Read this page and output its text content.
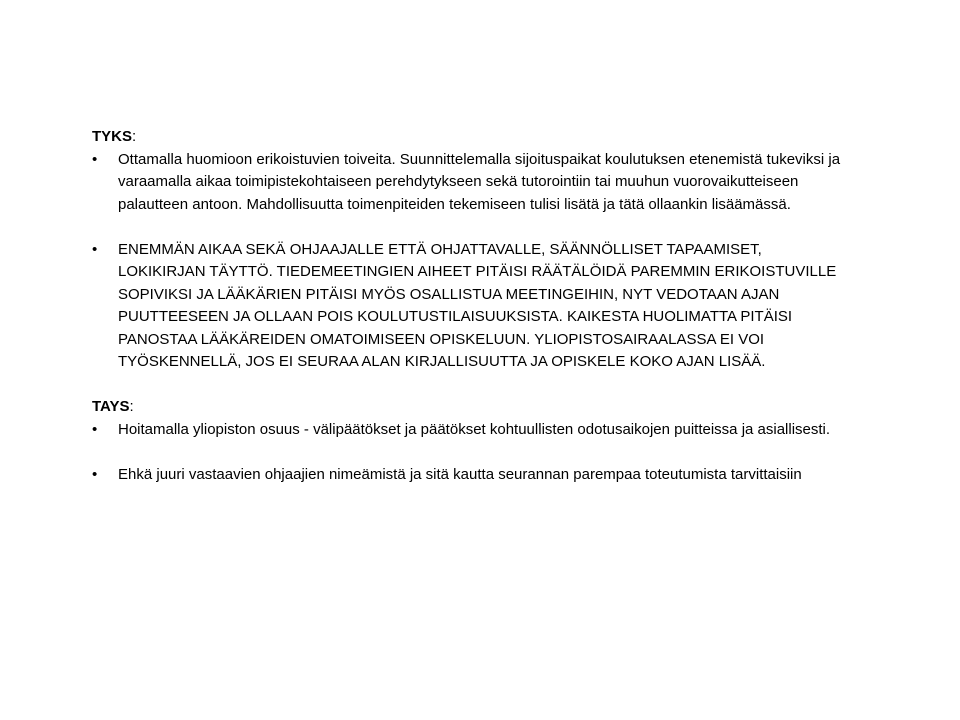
TYKS:

•	Ottamalla huomioon erikoistuvien toiveita. Suunnittelemalla sijoituspaikat koulutuksen etenemistä tukeviksi ja varaamalla aikaa toimipistekohtaiseen perehdytykseen sekä tutorointiin tai muuhun vuorovaikutteiseen palautteen antoon. Mahdollisuutta toimenpiteiden tekemiseen tulisi lisätä ja tätä ollaankin lisäämässä.
•	ENEMMÄN AIKAA SEKÄ OHJAAJALLE ETTÄ OHJATTAVALLE, SÄÄNNÖLLISET TAPAAMISET, LOKIKIRJAN TÄYTTÖ. TIEDEMEETINGIEN AIHEET PITÄISI RÄÄTÄLÖIDÄ PAREMMIN ERIKOISTUVILLE SOPIVIKSI JA LÄÄKÄRIEN PITÄISI MYÖS OSALLISTUA MEETINGEIHIN, NYT VEDOTAAN AJAN PUUTTEESEEN JA OLLAAN POIS KOULUTUSTILAISUUKSISTA. KAIKESTA HUOLIMATTA PITÄISI PANOSTAA LÄÄKÄREIDEN OMATOIMISEEN OPISKELUUN. YLIOPISTOSAIRAALASSA EI VOI TYÖSKENNELLÄ, JOS EI SEURAA ALAN KIRJALLISUUTTA JA OPISKELE KOKO AJAN LISÄÄ.

TAYS:

•	Hoitamalla yliopiston osuus - välipäätökset ja päätökset kohtuullisten odotusaikojen puitteissa ja asiallisesti.
•	Ehkä juuri vastaavien ohjaajien nimeämistä ja sitä kautta seurannan parempaa toteutumista tarvittaisiin
